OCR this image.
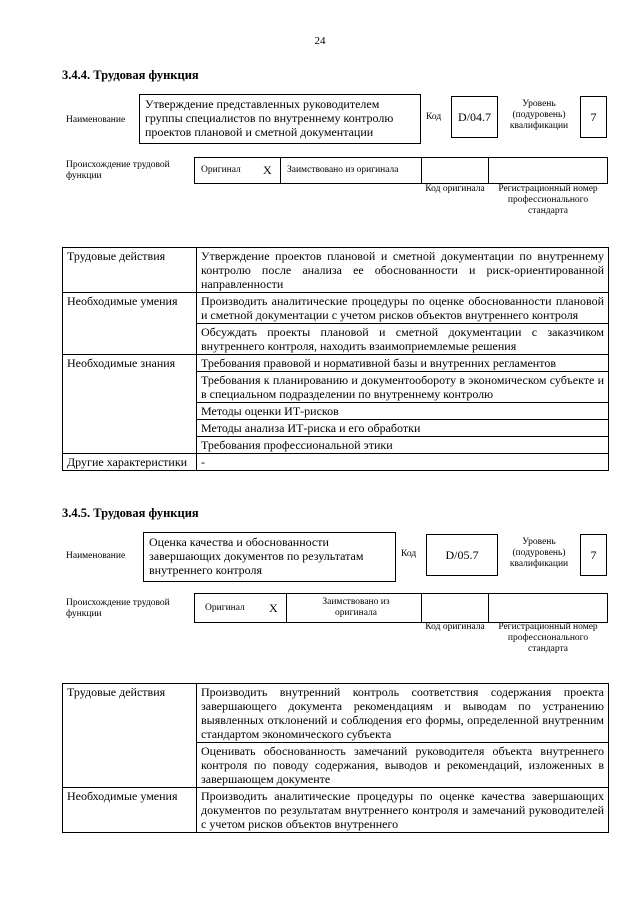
24
3.4.4. Трудовая функция
Наименование
Утверждение представленных руководителем группы специалистов по внутреннему контролю проектов плановой и сметной документации
Код	D/04.7
Уровень (подуровень) квалификации
7
Происхождение трудовой функции
Оригинал X Заимствовано из оригинала
Код оригинала Регистрационный номер профессионального стандарта
Трудовые действия	Утверждение проектов плановой и сметной документации по внутреннему контролю после анализа ее обоснованности и риск-ориентированной направленности
Необходимые умения	Производить аналитические процедуры по оценке обоснованности плановой и сметной документации с учетом рисков объектов внутреннего контроля
	Обсуждать проекты плановой и сметной документации с заказчиком внутреннего контроля, находить взаимоприемлемые решения
Необходимые знания	Требования правовой и нормативной базы и внутренних регламентов
	Требования к планированию и документообороту в экономическом субъекте и в специальном подразделении по внутреннему контролю
	Методы оценки ИТ-рисков
	Методы анализа ИТ-риска и его обработки
	Требования профессиональной этики
Другие характеристики	-
3.4.5. Трудовая функция
Наименование
Оценка качества и обоснованности завершающих документов по результатам внутреннего контроля
Код	D/05.7
Уровень (подуровень) квалификации
7
Происхождение трудовой функции
Оригинал X	Заимствовано из оригинала
Код оригинала Регистрационный номер профессионального стандарта
Трудовые действия	Производить внутренний контроль соответствия содержания проекта завершающего документа рекомендациям и выводам по устранению выявленных отклонений и соблюдения его формы, определенной внутренним стандартом экономического субъекта
	Оценивать обоснованность замечаний руководителя объекта внутреннего контроля по поводу содержания, выводов и рекомендаций, изложенных в завершающем документе
Необходимые умения	Производить аналитические процедуры по оценке качества завершающих документов по результатам внутреннего контроля и замечаний руководителей с учетом рисков объектов внутреннего
